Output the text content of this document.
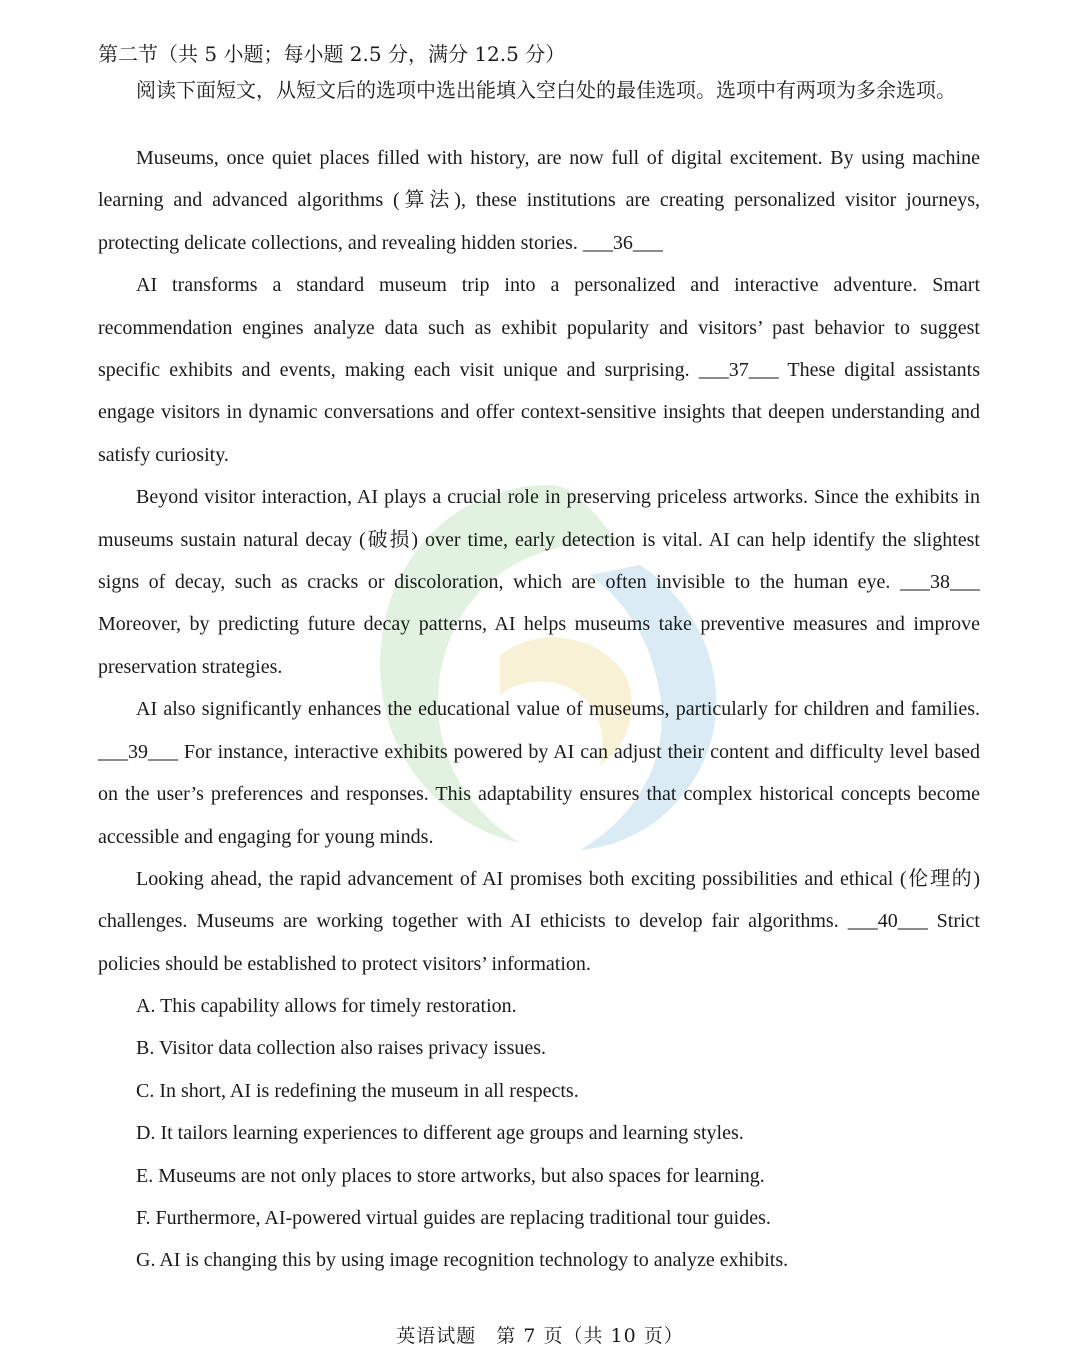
第二节（共 5 小题；每小题 2.5 分，满分 12.5 分）

阅读下面短文，从短文后的选项中选出能填入空白处的最佳选项。选项中有两项为多余选项。

Museums, once quiet places filled with history, are now full of digital excitement. By using machine learning and advanced algorithms (算法), these institutions are creating personalized visitor journeys, protecting delicate collections, and revealing hidden stories. ___36___

AI transforms a standard museum trip into a personalized and interactive adventure. Smart recommendation engines analyze data such as exhibit popularity and visitors’ past behavior to suggest specific exhibits and events, making each visit unique and surprising. ___37___ These digital assistants engage visitors in dynamic conversations and offer context-sensitive insights that deepen understanding and satisfy curiosity.

Beyond visitor interaction, AI plays a crucial role in preserving priceless artworks. Since the exhibits in museums sustain natural decay (破损) over time, early detection is vital. AI can help identify the slightest signs of decay, such as cracks or discoloration, which are often invisible to the human eye. ___38___ Moreover, by predicting future decay patterns, AI helps museums take preventive measures and improve preservation strategies.

AI also significantly enhances the educational value of museums, particularly for children and families. ___39___ For instance, interactive exhibits powered by AI can adjust their content and difficulty level based on the user’s preferences and responses. This adaptability ensures that complex historical concepts become accessible and engaging for young minds.

Looking ahead, the rapid advancement of AI promises both exciting possibilities and ethical (伦理的) challenges. Museums are working together with AI ethicists to develop fair algorithms. ___40___ Strict policies should be established to protect visitors’ information.

A. This capability allows for timely restoration.

B. Visitor data collection also raises privacy issues.

C. In short, AI is redefining the museum in all respects.

D. It tailors learning experiences to different age groups and learning styles.

E. Museums are not only places to store artworks, but also spaces for learning.

F. Furthermore, AI-powered virtual guides are replacing traditional tour guides.

G. AI is changing this by using image recognition technology to analyze exhibits.

英语试题　第 7 页（共 10 页）
